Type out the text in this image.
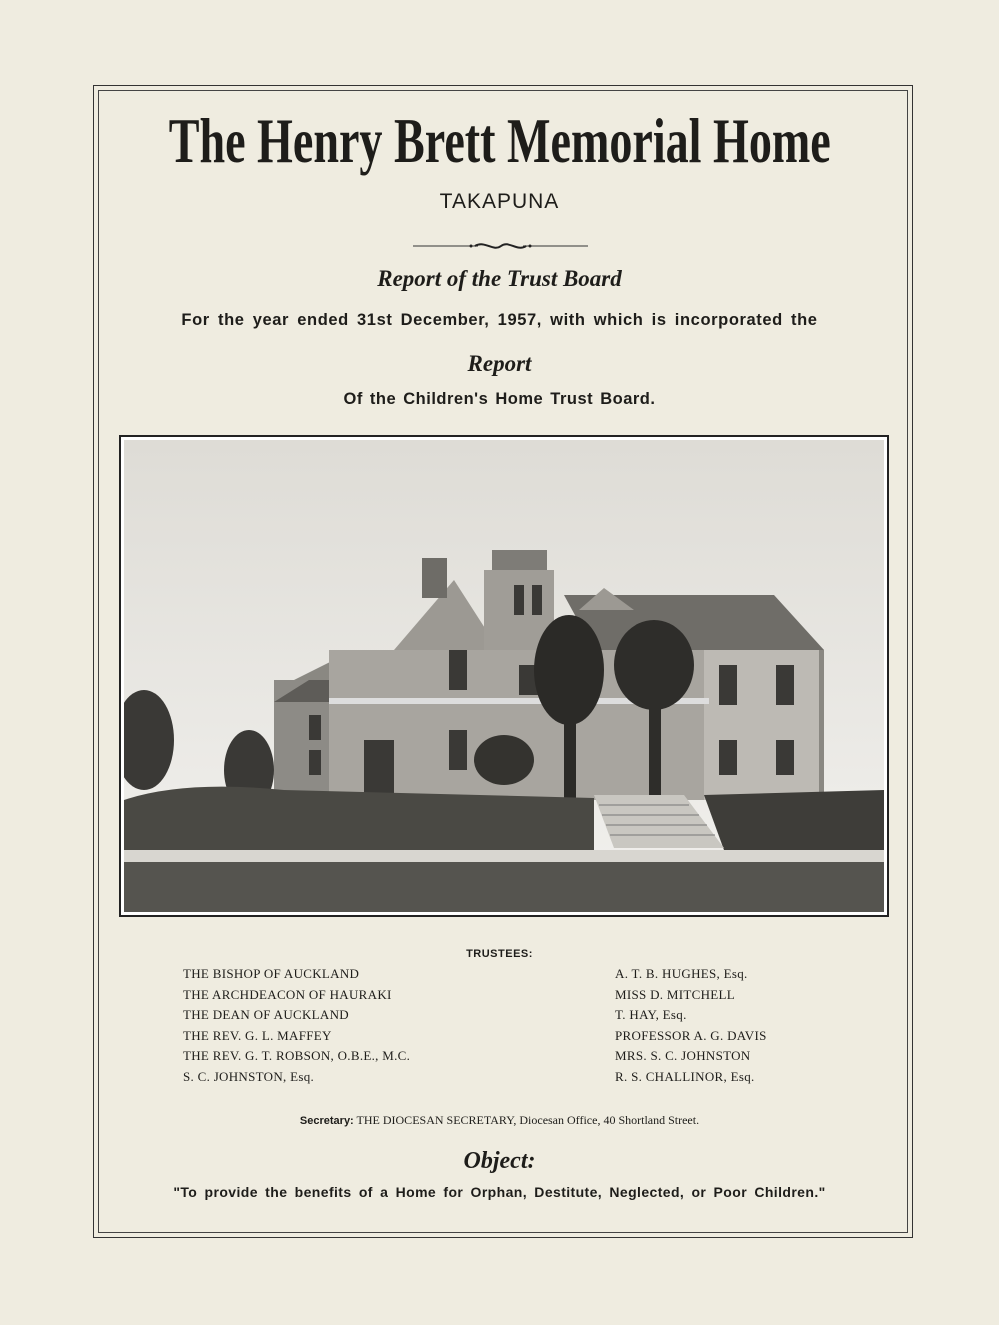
The Henry Brett Memorial Home
TAKAPUNA
Report of the Trust Board
For the year ended 31st December, 1957, with which is incorporated the
Report
Of the Children's Home Trust Board.
TRUSTEES:
THE BISHOP OF AUCKLAND
THE ARCHDEACON OF HAURAKI
THE DEAN OF AUCKLAND
THE REV. G. L. MAFFEY
THE REV. G. T. ROBSON, O.B.E., M.C.
S. C. JOHNSTON, Esq.
A. T. B. HUGHES, Esq.
MISS D. MITCHELL
T. HAY, Esq.
PROFESSOR A. G. DAVIS
MRS. S. C. JOHNSTON
R. S. CHALLINOR, Esq.
Secretary: THE DIOCESAN SECRETARY, Diocesan Office, 40 Shortland Street.
Object:
"To provide the benefits of a Home for Orphan, Destitute, Neglected, or Poor Children."
